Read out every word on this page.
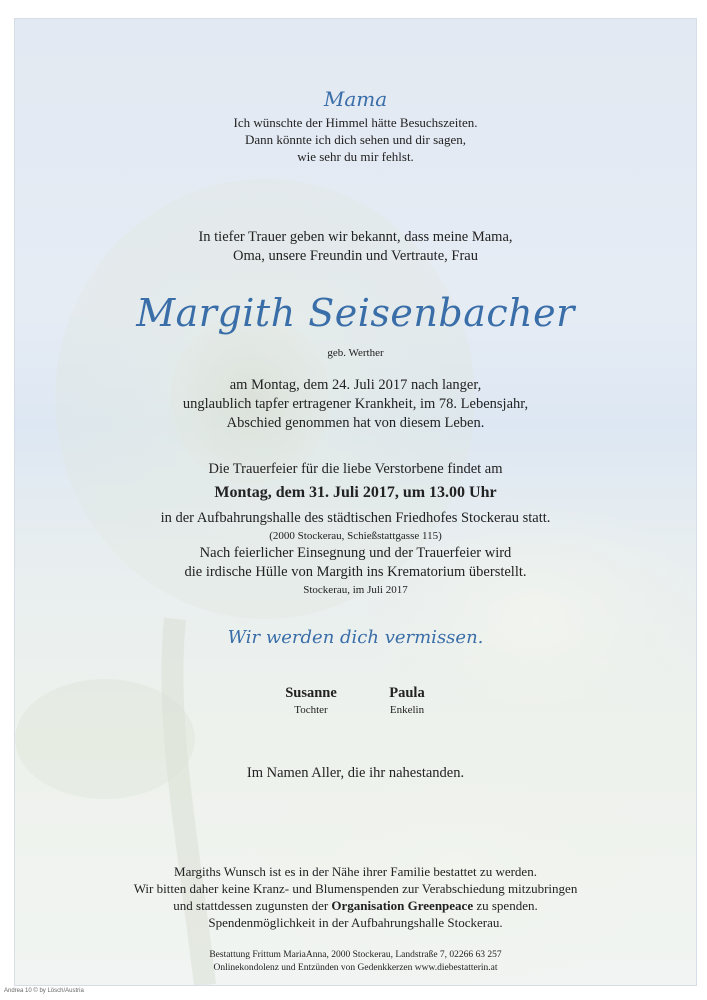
Mama
Ich wünschte der Himmel hätte Besuchszeiten.
Dann könnte ich dich sehen und dir sagen,
wie sehr du mir fehlst.
In tiefer Trauer geben wir bekannt, dass meine Mama,
Oma, unsere Freundin und Vertraute, Frau
Margith Seisenbacher
geb. Werther
am Montag, dem 24. Juli 2017 nach langer,
unglaublich tapfer ertragener Krankheit, im 78. Lebensjahr,
Abschied genommen hat von diesem Leben.
Die Trauerfeier für die liebe Verstorbene findet am
Montag, dem 31. Juli 2017, um 13.00 Uhr
in der Aufbahrungshalle des städtischen Friedhofes Stockerau statt.
(2000 Stockerau, Schießstattgasse 115)
Nach feierlicher Einsegnung und der Trauerfeier wird
die irdische Hülle von Margith ins Krematorium überstellt.
Stockerau, im Juli 2017
Wir werden dich vermissen.
Susanne
Tochter
Paula
Enkelin
Im Namen Aller, die ihr nahestanden.
Margiths Wunsch ist es in der Nähe ihrer Familie bestattet zu werden.
Wir bitten daher keine Kranz- und Blumenspenden zur Verabschiedung mitzubringen
und stattdessen zugunsten der Organisation Greenpeace zu spenden.
Spendenmöglichkeit in der Aufbahrungshalle Stockerau.
Bestattung Frittum MariaAnna, 2000 Stockerau, Landstraße 7, 02266 63 257
Onlinekondolenz und Entzünden von Gedenkkerzen www.diebestatterin.at
Andrea 10 © by Lösch/Austria
